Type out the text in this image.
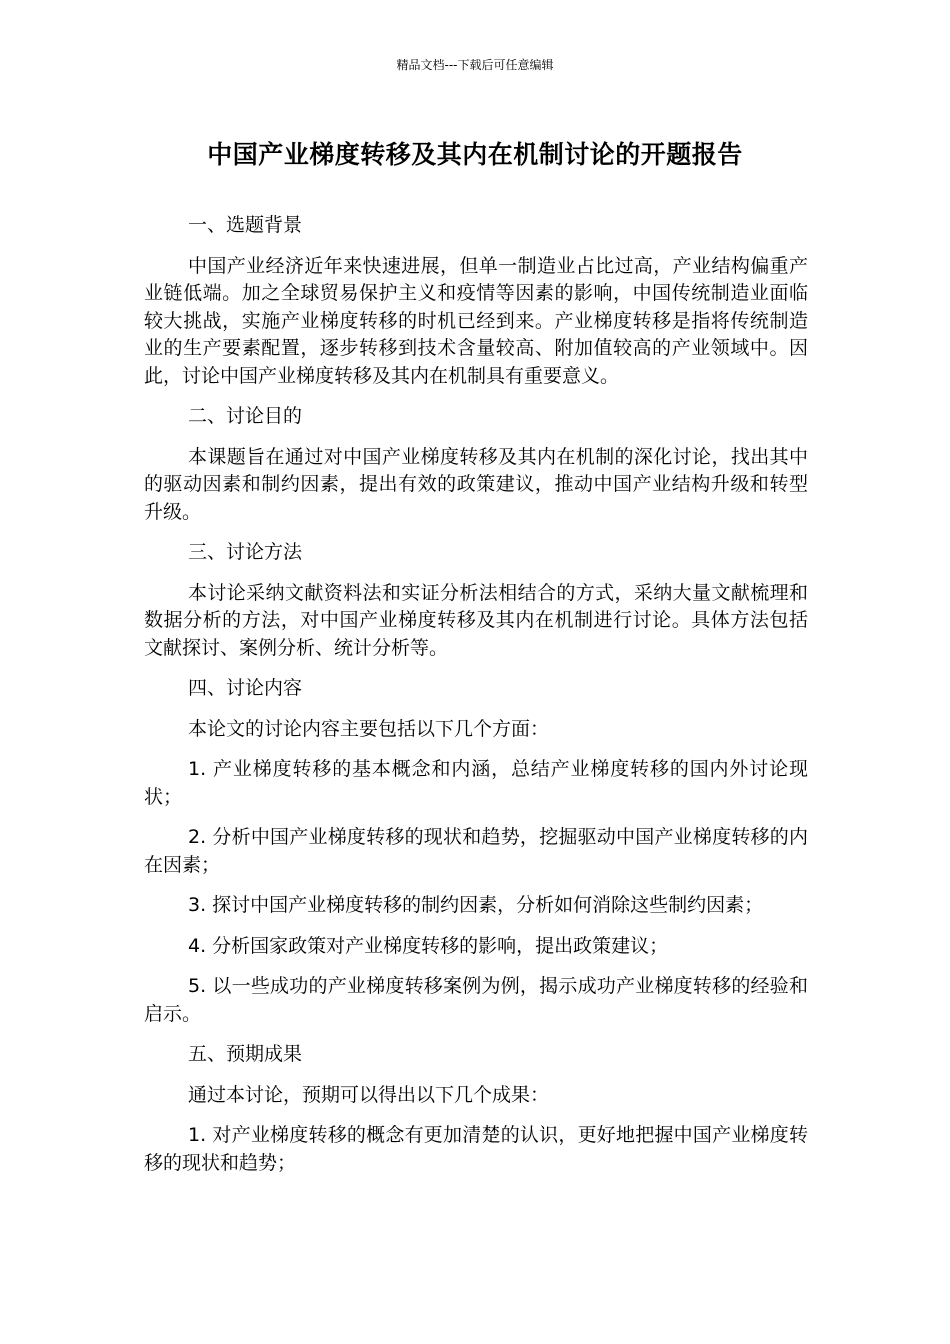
精品文档---下载后可任意编辑
中国产业梯度转移及其内在机制讨论的开题报告

一、选题背景

中国产业经济近年来快速进展，但单一制造业占比过高，产业结构偏重产业链低端。加之全球贸易保护主义和疫情等因素的影响，中国传统制造业面临较大挑战，实施产业梯度转移的时机已经到来。产业梯度转移是指将传统制造业的生产要素配置，逐步转移到技术含量较高、附加值较高的产业领域中。因此，讨论中国产业梯度转移及其内在机制具有重要意义。

二、讨论目的

本课题旨在通过对中国产业梯度转移及其内在机制的深化讨论，找出其中的驱动因素和制约因素，提出有效的政策建议，推动中国产业结构升级和转型升级。

三、讨论方法

本讨论采纳文献资料法和实证分析法相结合的方式，采纳大量文献梳理和数据分析的方法，对中国产业梯度转移及其内在机制进行讨论。具体方法包括文献探讨、案例分析、统计分析等。

四、讨论内容

本论文的讨论内容主要包括以下几个方面：

1. 产业梯度转移的基本概念和内涵，总结产业梯度转移的国内外讨论现状；

2. 分析中国产业梯度转移的现状和趋势，挖掘驱动中国产业梯度转移的内在因素；

3. 探讨中国产业梯度转移的制约因素，分析如何消除这些制约因素；

4. 分析国家政策对产业梯度转移的影响，提出政策建议；

5. 以一些成功的产业梯度转移案例为例，揭示成功产业梯度转移的经验和启示。

五、预期成果

通过本讨论，预期可以得出以下几个成果：

1. 对产业梯度转移的概念有更加清楚的认识，更好地把握中国产业梯度转移的现状和趋势；
